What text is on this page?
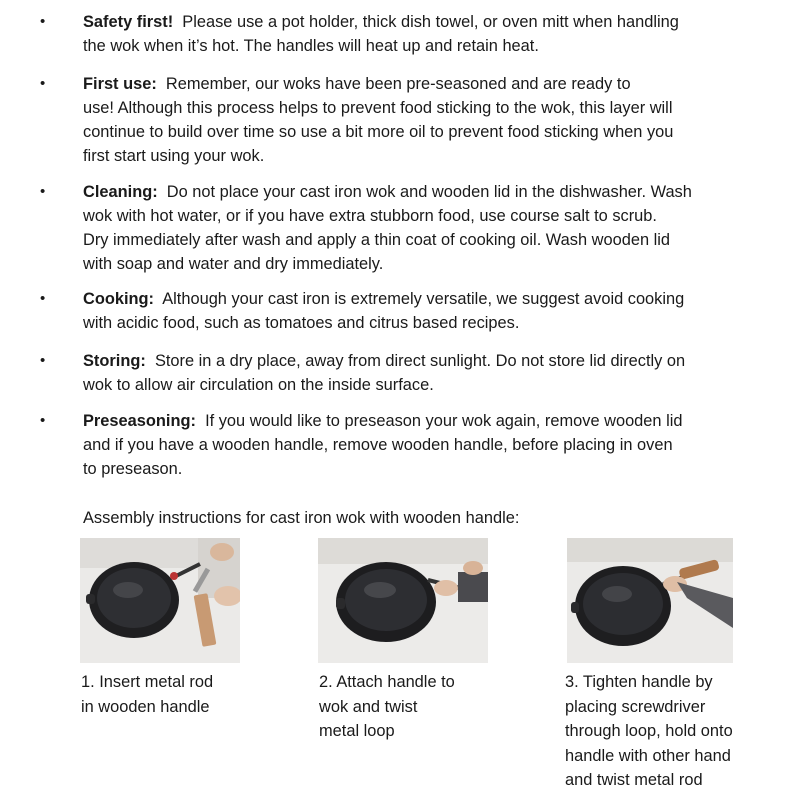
• Safety first! Please use a pot holder, thick dish towel, or oven mitt when handling
the wok when it’s hot. The handles will heat up and retain heat.
• First use: Remember, our woks have been pre-seasoned and are ready to
use! Although this process helps to prevent food sticking to the wok, this layer will
continue to build over time so use a bit more oil to prevent food sticking when you
first start using your wok.
• Cleaning: Do not place your cast iron wok and wooden lid in the dishwasher. Wash
wok with hot water, or if you have extra stubborn food, use course salt to scrub.
Dry immediately after wash and apply a thin coat of cooking oil. Wash wooden lid
with soap and water and dry immediately.
• Cooking: Although your cast iron is extremely versatile, we suggest avoid cooking
with acidic food, such as tomatoes and citrus based recipes.
• Storing: Store in a dry place, away from direct sunlight. Do not store lid directly on
wok to allow air circulation on the inside surface.
• Preseasoning: If you would like to preseason your wok again, remove wooden lid
and if you have a wooden handle, remove wooden handle, before placing in oven
to preseason.
Assembly instructions for cast iron wok with wooden handle:
1. Insert metal rod
in wooden handle
2. Attach handle to
wok and twist
metal loop
3. Tighten handle by
placing screwdriver
through loop, hold onto
handle with other hand
and twist metal rod
